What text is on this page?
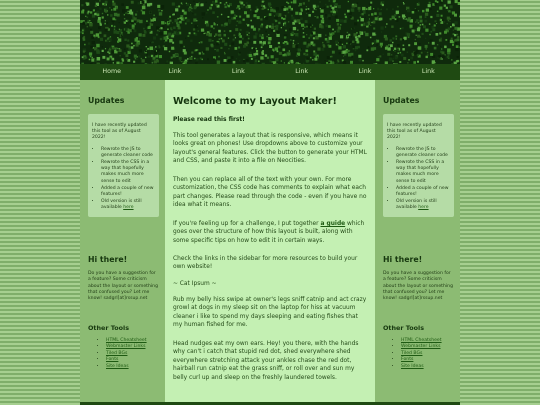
Home	Link	Link	Link	Link	Link
Updates
I have recently updated this tool as of August 2022!
• Rewrote the JS to generate cleaner code
• Rewrote the CSS in a way that hopefully makes much more sense to edit
• Added a couple of new features!
• Old version is still available here
Hi there!
Do you have a suggestion for a feature? Some criticism about the layout or something that confused you? Let me know! sadgrl[at]rssup.net
Other Tools
• HTML Cheatsheet
• Webmaster Links
• Tiled BGs
• Fonts
• Site Ideas
Welcome to my Layout Maker!

Please read this first!

This tool generates a layout that is responsive, which means it looks great on phones! Use dropdowns above to customize your layout's general features. Click the button to generate your HTML and CSS, and paste it into a file on Neocities.

Then you can replace all of the text with your own. For more customization, the CSS code has comments to explain what each part changes. Please read through the code - even if you have no idea what it means.

If you're feeling up for a challenge, I put together a guide which goes over the structure of how this layout is built, along with some specific tips on how to edit it in certain ways.

Check the links in the sidebar for more resources to build your own website!

~ Cat Ipsum ~

Rub my belly hiss swipe at owner's legs sniff catnip and act crazy growl at dogs in my sleep sit on the laptop for hiss at vacuum cleaner i like to spend my days sleeping and eating fishes that my human fished for me.

Head nudges eat my own ears. Hey! you there, with the hands why can't i catch that stupid red dot, shed everywhere shed everywhere stretching attack your ankles chase the red dot, hairball run catnip eat the grass sniff, or roll over and sun my belly curl up and sleep on the freshly laundered towels.

Updates
I have recently updated this tool as of August 2022!
• Rewrote the JS to generate cleaner code
• Rewrote the CSS in a way that hopefully makes much more sense to edit
• Added a couple of new features!
• Old version is still available here
Hi there!
Do you have a suggestion for a feature? Some criticism about the layout or something that confused you? Let me know! sadgrl[at]rssup.net
Other Tools
• HTML Cheatsheet
• Webmaster Links
• Tiled BGs
• Fonts
• Site Ideas
